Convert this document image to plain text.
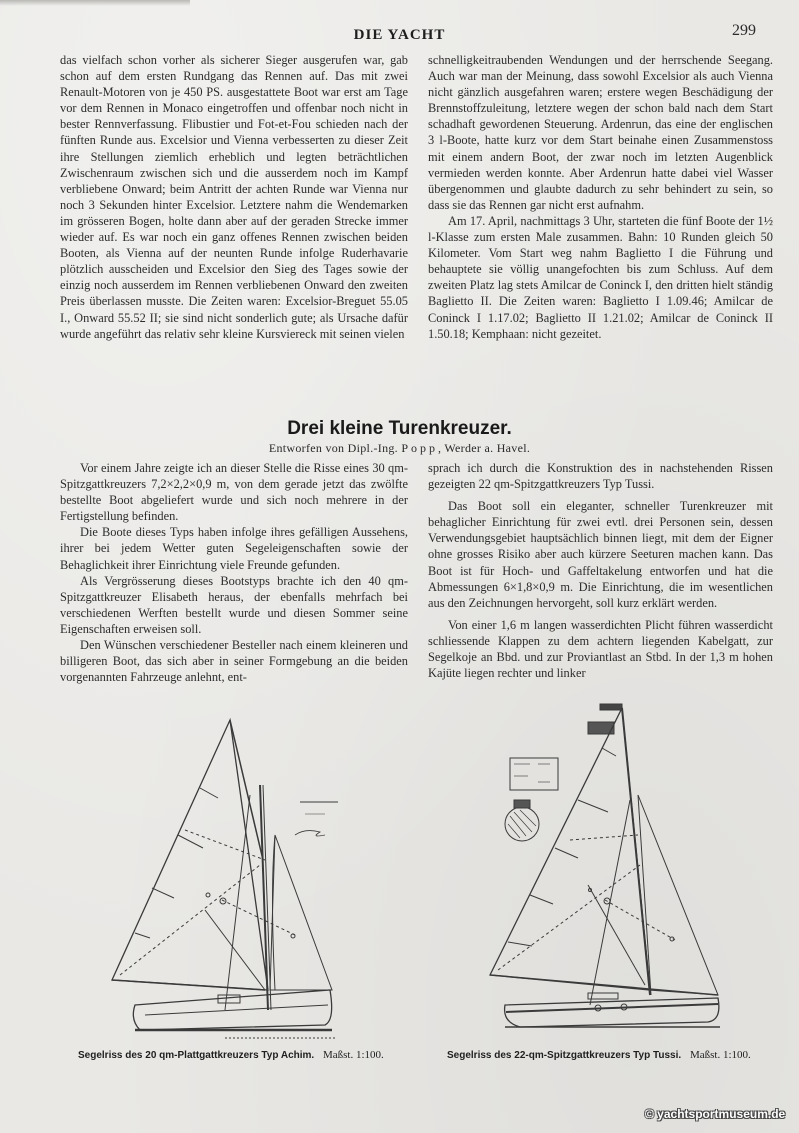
DIE YACHT	299

das vielfach schon vorher als sicherer Sieger ausgerufen war, gab schon auf dem ersten Rundgang das Rennen auf. Das mit zwei Renault-Motoren von je 450 PS. ausgestattete Boot war erst am Tage vor dem Rennen in Monaco eingetroffen und offenbar noch nicht in bester Rennverfassung. Flibustier und Fot-et-Fou schieden nach der fünften Runde aus. Excelsior und Vienna verbesserten zu dieser Zeit ihre Stellungen ziemlich erheblich und legten beträchtlichen Zwischenraum zwischen sich und die ausserdem noch im Kampf verbliebene Onward; beim Antritt der achten Runde war Vienna nur noch 3 Sekunden hinter Excelsior. Letztere nahm die Wendemarken im grösseren Bogen, holte dann aber auf der geraden Strecke immer wieder auf. Es war noch ein ganz offenes Rennen zwischen beiden Booten, als Vienna auf der neunten Runde infolge Ruderhavarie plötzlich ausscheiden und Excelsior den Sieg des Tages sowie der einzig noch ausserdem im Rennen verbliebenen Onward den zweiten Preis überlassen musste. Die Zeiten waren: Excelsior-Breguet 55.05 I., Onward 55.52 II; sie sind nicht sonderlich gute; als Ursache dafür wurde angeführt das relativ sehr kleine Kursviereck mit seinen vielen

schnelligkeitraubenden Wendungen und der herrschende Seegang. Auch war man der Meinung, dass sowohl Excelsior als auch Vienna nicht gänzlich ausgefahren waren; erstere wegen Beschädigung der Brennstoffzuleitung, letztere wegen der schon bald nach dem Start schadhaft gewordenen Steuerung. Ardenrun, das eine der englischen 3 l-Boote, hatte kurz vor dem Start beinahe einen Zusammenstoss mit einem andern Boot, der zwar noch im letzten Augenblick vermieden werden konnte. Aber Ardenrun hatte dabei viel Wasser übergenommen und glaubte dadurch zu sehr behindert zu sein, so dass sie das Rennen gar nicht erst aufnahm.

Am 17. April, nachmittags 3 Uhr, starteten die fünf Boote der 1½ l-Klasse zum ersten Male zusammen. Bahn: 10 Runden gleich 50 Kilometer. Vom Start weg nahm Baglietto I die Führung und behauptete sie völlig unangefochten bis zum Schluss. Auf dem zweiten Platz lag stets Amilcar de Coninck I, den dritten hielt ständig Baglietto II. Die Zeiten waren: Baglietto I 1.09.46; Amilcar de Coninck I 1.17.02; Baglietto II 1.21.02; Amilcar de Coninck II 1.50.18; Kemphaan: nicht gezeitet.

Drei kleine Turenkreuzer.
Entworfen von Dipl.-Ing. Popp, Werder a. Havel.

Vor einem Jahre zeigte ich an dieser Stelle die Risse eines 30 qm-Spitzgattkreuzers 7,2×2,2×0,9 m, von dem gerade jetzt das zwölfte bestellte Boot abgeliefert wurde und sich noch mehrere in der Fertigstellung befinden.

Die Boote dieses Typs haben infolge ihres gefälligen Aussehens, ihrer bei jedem Wetter guten Segeleigenschaften sowie der Behaglichkeit ihrer Einrichtung viele Freunde gefunden.

Als Vergrösserung dieses Bootstyps brachte ich den 40 qm-Spitzgattkreuzer Elisabeth heraus, der ebenfalls mehrfach bei verschiedenen Werften bestellt wurde und diesen Sommer seine Eigenschaften erweisen soll.

Den Wünschen verschiedener Besteller nach einem kleineren und billigeren Boot, das sich aber in seiner Formgebung an die beiden vorgenannten Fahrzeuge anlehnt, ent-

sprach ich durch die Konstruktion des in nachstehenden Rissen gezeigten 22 qm-Spitzgattkreuzers Typ Tussi.

Das Boot soll ein eleganter, schneller Turenkreuzer mit behaglicher Einrichtung für zwei evtl. drei Personen sein, dessen Verwendungsgebiet hauptsächlich binnen liegt, mit dem der Eigner ohne grosses Risiko aber auch kürzere Seeturen machen kann. Das Boot ist für Hoch- und Gaffeltakelung entworfen und hat die Abmessungen 6×1,8×0,9 m. Die Einrichtung, die im wesentlichen aus den Zeichnungen hervorgeht, soll kurz erklärt werden.

Von einer 1,6 m langen wasserdichten Plicht führen wasserdicht schliessende Klappen zu dem achtern liegenden Kabelgatt, zur Segelkoje an Bbd. und zur Proviantlast an Stbd. In der 1,3 m hohen Kajüte liegen rechter und linker

Segelriss des 20 qm-Plattgattkreuzers Typ Achim. Maßst. 1:100.	Segelriss des 22-qm-Spitzgattkreuzers Typ Tussi. Maßst. 1:100.
© yachtsportmuseum.de
